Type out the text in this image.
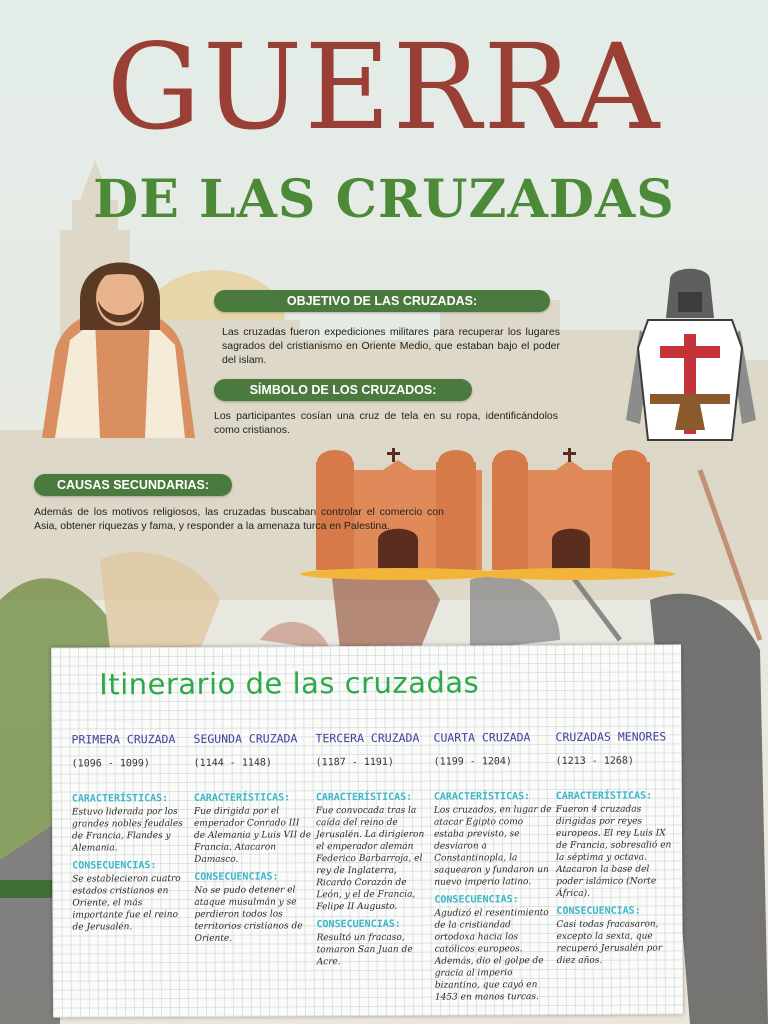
GUERRA
DE LAS CRUZADAS
OBJETIVO DE LAS CRUZADAS:
Las cruzadas fueron expediciones militares para recuperar los lugares sagrados del cristianismo en Oriente Medio, que estaban bajo el poder del islam.
SÍMBOLO DE LOS CRUZADOS:
Los participantes cosían una cruz de tela en su ropa, identificándolos como cristianos.
CAUSAS SECUNDARIAS:
Además de los motivos religiosos, las cruzadas buscaban controlar el comercio con Asia, obtener riquezas y fama, y responder a la amenaza turca en Palestina.
Itinerario de las cruzadas
PRIMERA CRUZADA
(1096 - 1099)
CARACTERÍSTICAS:
Estuvo liderada por los grandes nobles feudales de Francia, Flandes y Alemania.
CONSECUENCIAS:
Se establecieron cuatro estados cristianos en Oriente, el más importante fue el reino de Jerusalén.
SEGUNDA CRUZADA
(1144 - 1148)
CARACTERÍSTICAS:
Fue dirigida por el emperador Conrado III de Alemania y Luis VII de Francia. Atacaron Damasco.
CONSECUENCIAS:
No se pudo detener el ataque musulmán y se perdieron todos los territorios cristianos de Oriente.
TERCERA CRUZADA
(1187 - 1191)
CARACTERÍSTICAS:
Fue convocada tras la caída del reino de Jerusalén. La dirigieron el emperador alemán Federico Barbarroja, el rey de Inglaterra, Ricardo Corazón de León, y el de Francia, Felipe II Augusto.
CONSECUENCIAS:
Resultó un fracaso, tomaron San Juan de Acre.
CUARTA CRUZADA
(1199 - 1204)
CARACTERÍSTICAS:
Los cruzados, en lugar de atacar Egipto como estaba previsto, se desviaron a Constantinopla, la saquearon y fundaron un nuevo imperio latino.
CONSECUENCIAS:
Agudizó el resentimiento de la cristiandad ortodoxa hacia los católicos europeos. Además, dio el golpe de gracia al imperio bizantino, que cayó en 1453 en manos turcas.
CRUZADAS MENORES
(1213 - 1268)
CARACTERÍSTICAS:
Fueron 4 cruzadas dirigidas por reyes europeos. El rey Luis IX de Francia, sobresalió en la séptima y octava. Atacaron la base del poder islámico (Norte África).
CONSECUENCIAS:
Casi todas fracasaron, excepto la sexta, que recuperó Jerusalén por diez años.
